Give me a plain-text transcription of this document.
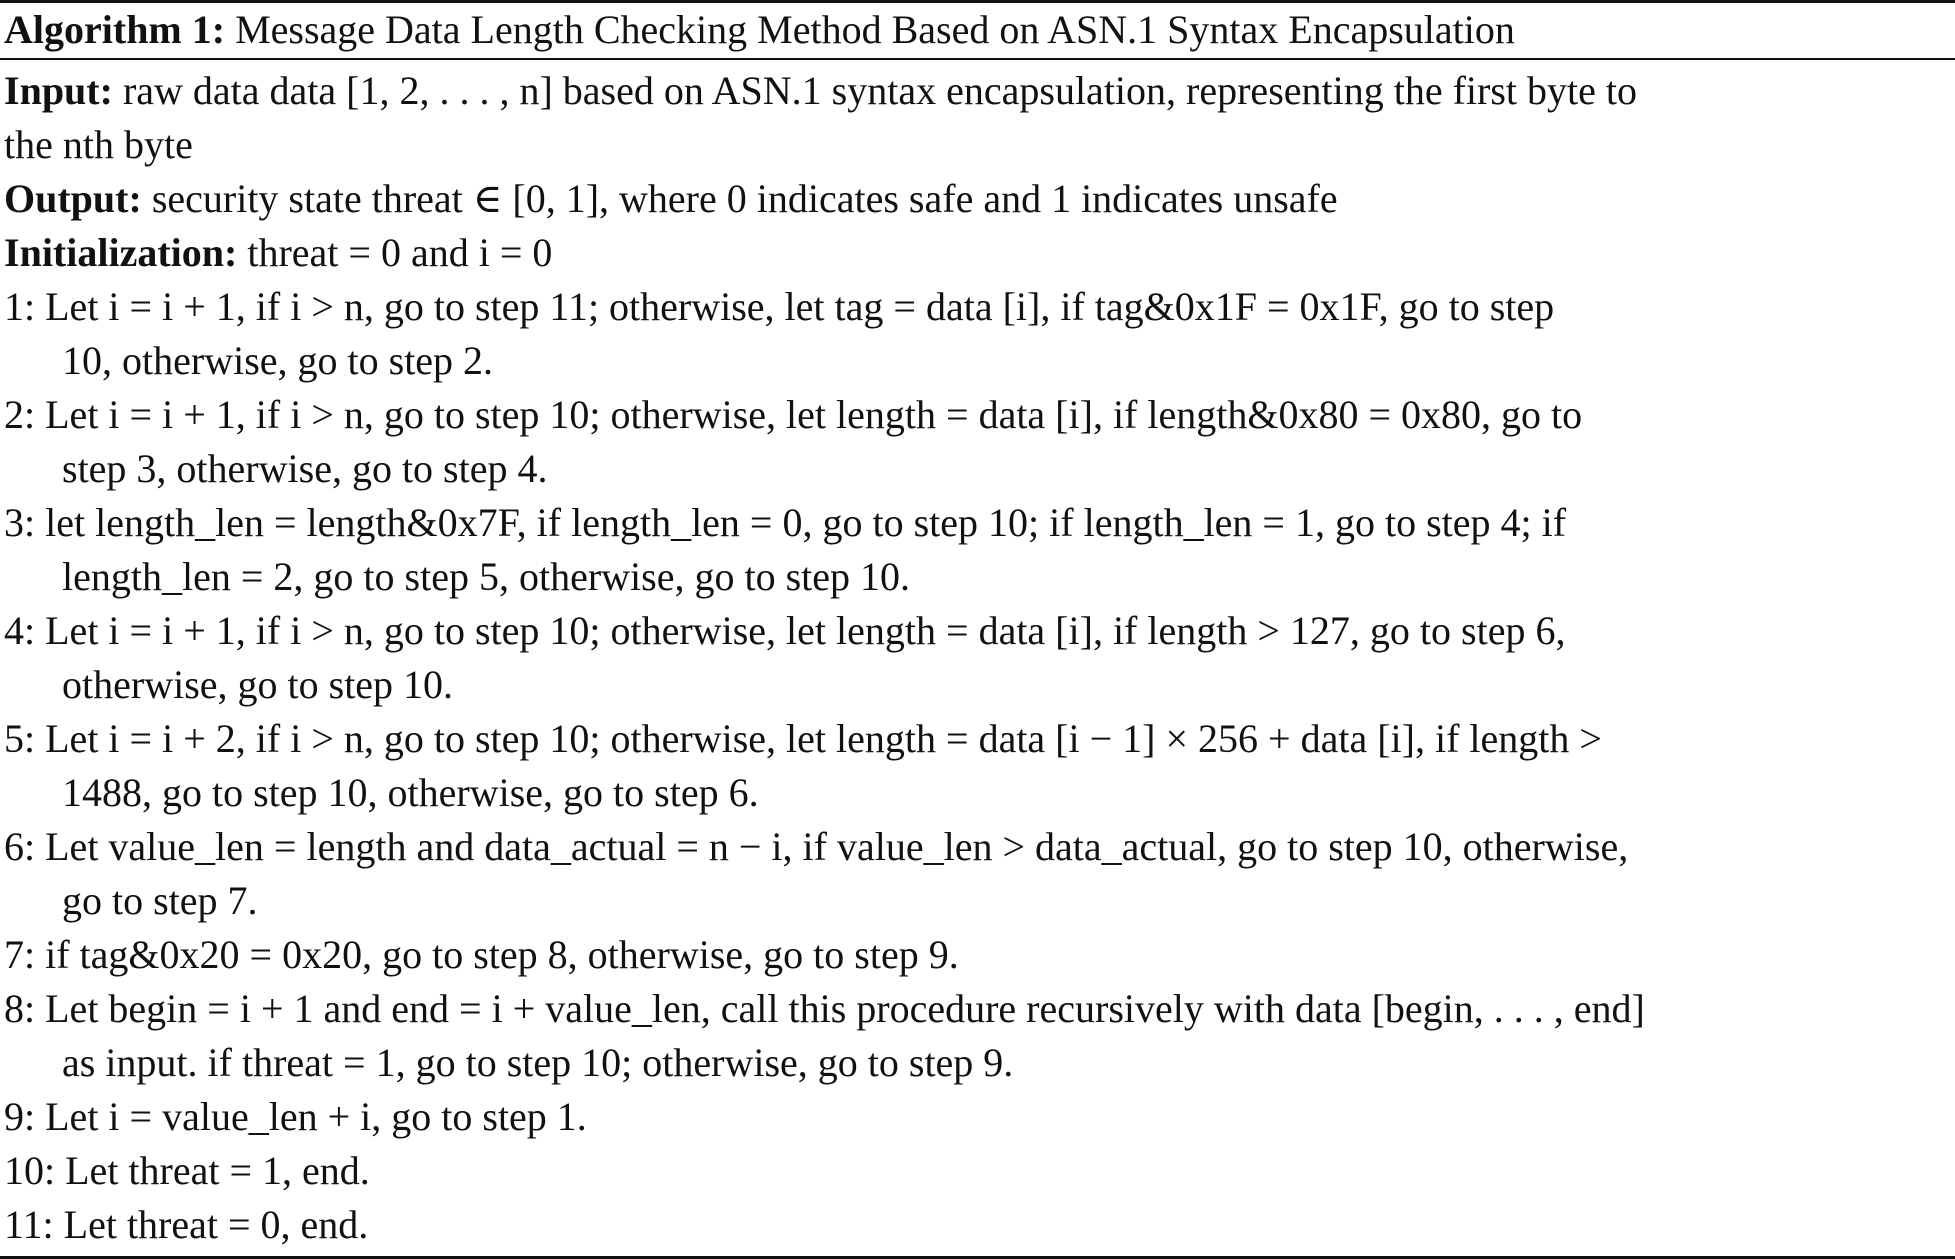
Algorithm 1: Message Data Length Checking Method Based on ASN.1 Syntax Encapsulation
Input: raw data data [1, 2, . . . , n] based on ASN.1 syntax encapsulation, representing the first byte to
the nth byte
Output: security state threat ∈ [0, 1], where 0 indicates safe and 1 indicates unsafe
Initialization: threat = 0 and i = 0
1: Let i = i + 1, if i > n, go to step 11; otherwise, let tag = data [i], if tag&0x1F = 0x1F, go to step
10, otherwise, go to step 2.
2: Let i = i + 1, if i > n, go to step 10; otherwise, let length = data [i], if length&0x80 = 0x80, go to
step 3, otherwise, go to step 4.
3: let length_len = length&0x7F, if length_len = 0, go to step 10; if length_len = 1, go to step 4; if
length_len = 2, go to step 5, otherwise, go to step 10.
4: Let i = i + 1, if i > n, go to step 10; otherwise, let length = data [i], if length > 127, go to step 6,
otherwise, go to step 10.
5: Let i = i + 2, if i > n, go to step 10; otherwise, let length = data [i − 1] × 256 + data [i], if length >
1488, go to step 10, otherwise, go to step 6.
6: Let value_len = length and data_actual = n − i, if value_len > data_actual, go to step 10, otherwise,
go to step 7.
7: if tag&0x20 = 0x20, go to step 8, otherwise, go to step 9.
8: Let begin = i + 1 and end = i + value_len, call this procedure recursively with data [begin, . . . , end]
as input. if threat = 1, go to step 10; otherwise, go to step 9.
9: Let i = value_len + i, go to step 1.
10: Let threat = 1, end.
11: Let threat = 0, end.
